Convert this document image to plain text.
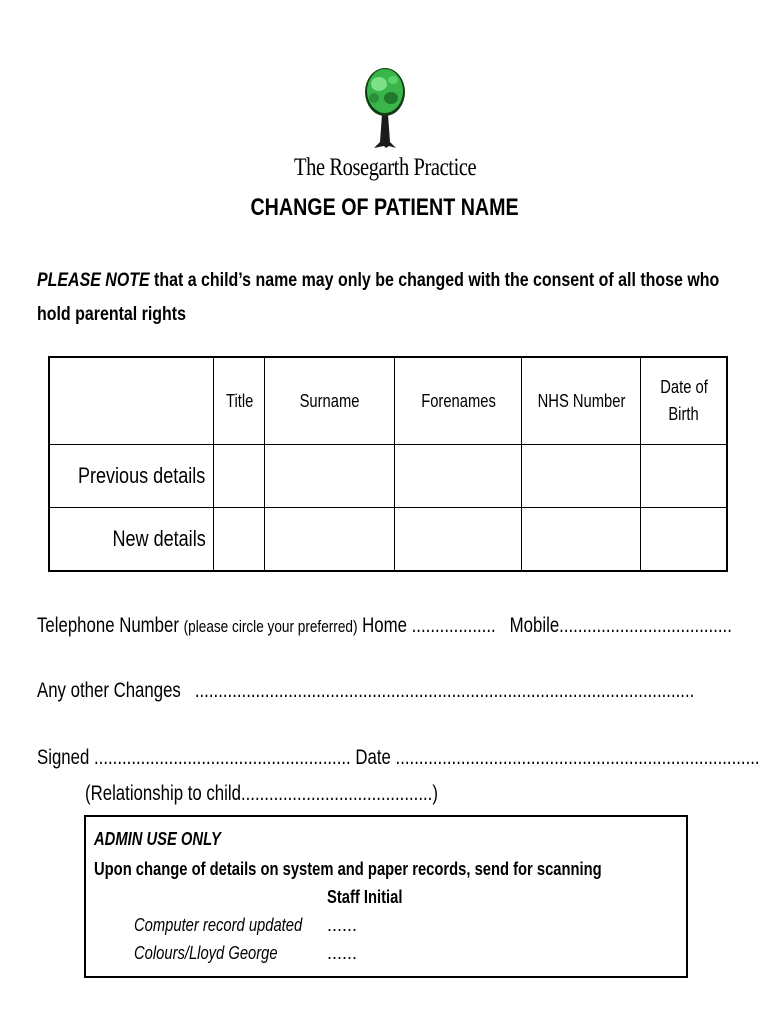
The Rosegarth Practice
CHANGE OF PATIENT NAME
PLEASE NOTE that a child’s name may only be changed with the consent of all those who
hold parental rights
	Title	Surname	Forenames	NHS Number	Date of
Birth
Previous details					
New details					
Telephone Number (please circle your preferred) Home .................. Mobile.....................................
Any other Changes ...........................................................................................................
Signed ....................................................... Date ..............................................................................
(Relationship to child.........................................)
ADMIN USE ONLY
Upon change of details on system and paper records, send for scanning
Staff Initial
Computer record updated	......
Colours/Lloyd George	......
